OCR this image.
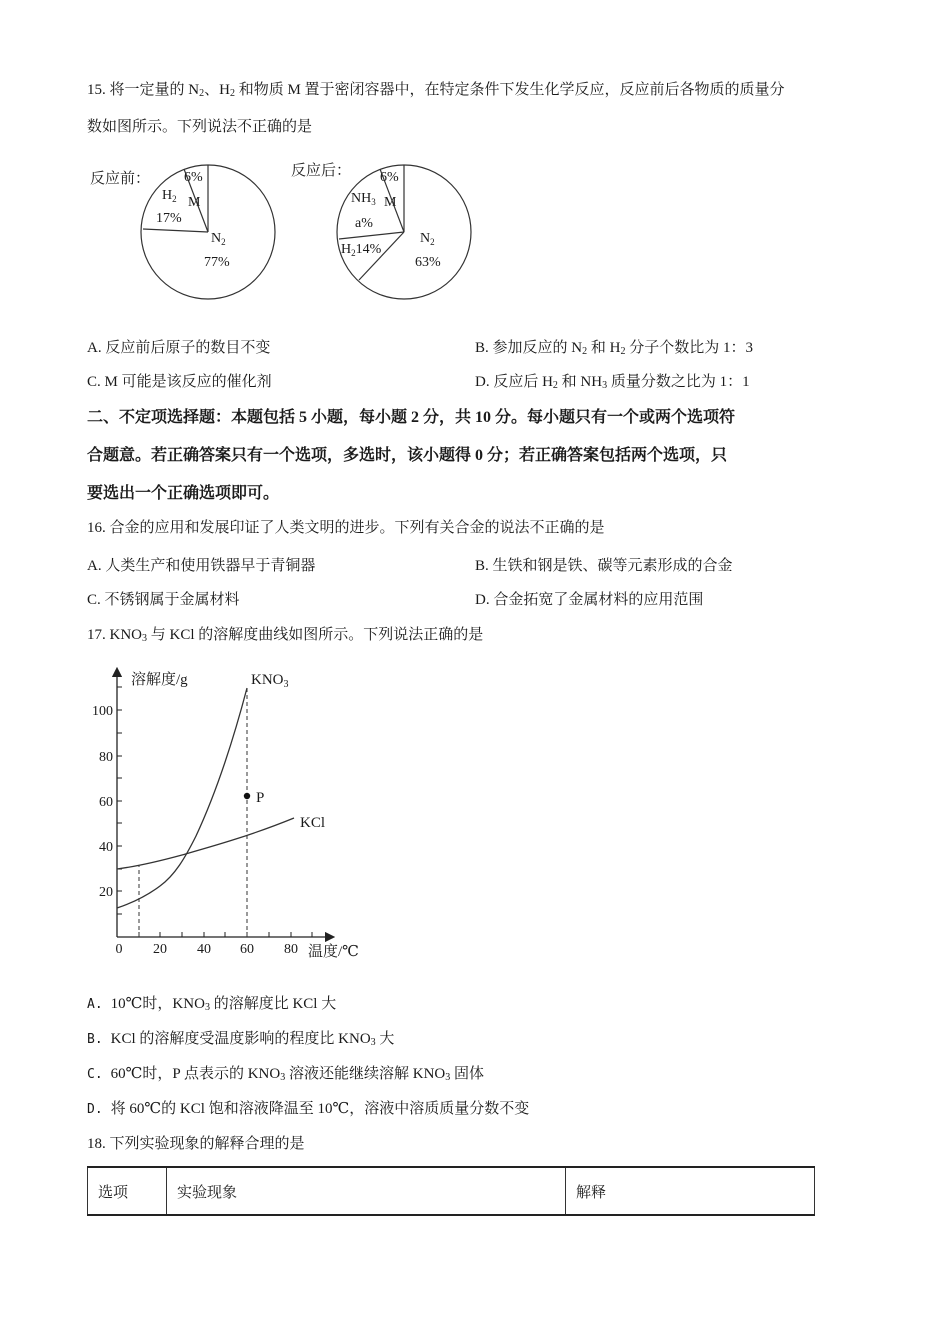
15. 将一定量的 $N_2$、$H_2$ 和物质 M 置于密闭容器中，在特定条件下发生化学反应，反应前后各物质的质量分
数如图所示。下列说法不正确的是
反应前： 6%
M
$H_2$
17%
$N_2$
77%
反应后： 6%
M
$NH_3$
a%
$H_214\%$
$N_2$
63%
A. 反应前后原子的数目不变	B. 参加反应的 $N_2$ 和 $H_2$ 分子个数比为 1：3
C. M 可能是该反应的催化剂	D. 反应后 $H_2$ 和 $NH_3$ 质量分数之比为 1：1
二、不定项选择题：本题包括 5 小题，每小题 2 分，共 10 分。每小题只有一个或两个选项符
合题意。若正确答案只有一个选项，多选时，该小题得 0 分；若正确答案包括两个选项，只
要选出一个正确选项即可。
16. 合金的应用和发展印证了人类文明的进步。下列有关合金的说法不正确的是
A. 人类生产和使用铁器早于青铜器	B. 生铁和钢是铁、碳等元素形成的合金
C. 不锈钢属于金属材料	D. 合金拓宽了金属材料的应用范围
17. $KNO_3$ 与 KCl 的溶解度曲线如图所示。下列说法正确的是
100
80
60
40
20
0 20 40 60 80 温度/℃
溶解度/g
P
KCl
$KNO_3$
A. 10℃时，$KNO_3$ 的溶解度比 KCl 大
B. KCl 的溶解度受温度影响的程度比 $KNO_3$ 大
C. 60℃时，P 点表示的 $KNO_3$ 溶液还能继续溶解 $KNO_3$ 固体
D. 将 60℃的 KCl 饱和溶液降温至 10℃，溶液中溶质质量分数不变
18. 下列实验现象的解释合理的是
选项	实验现象	解释
